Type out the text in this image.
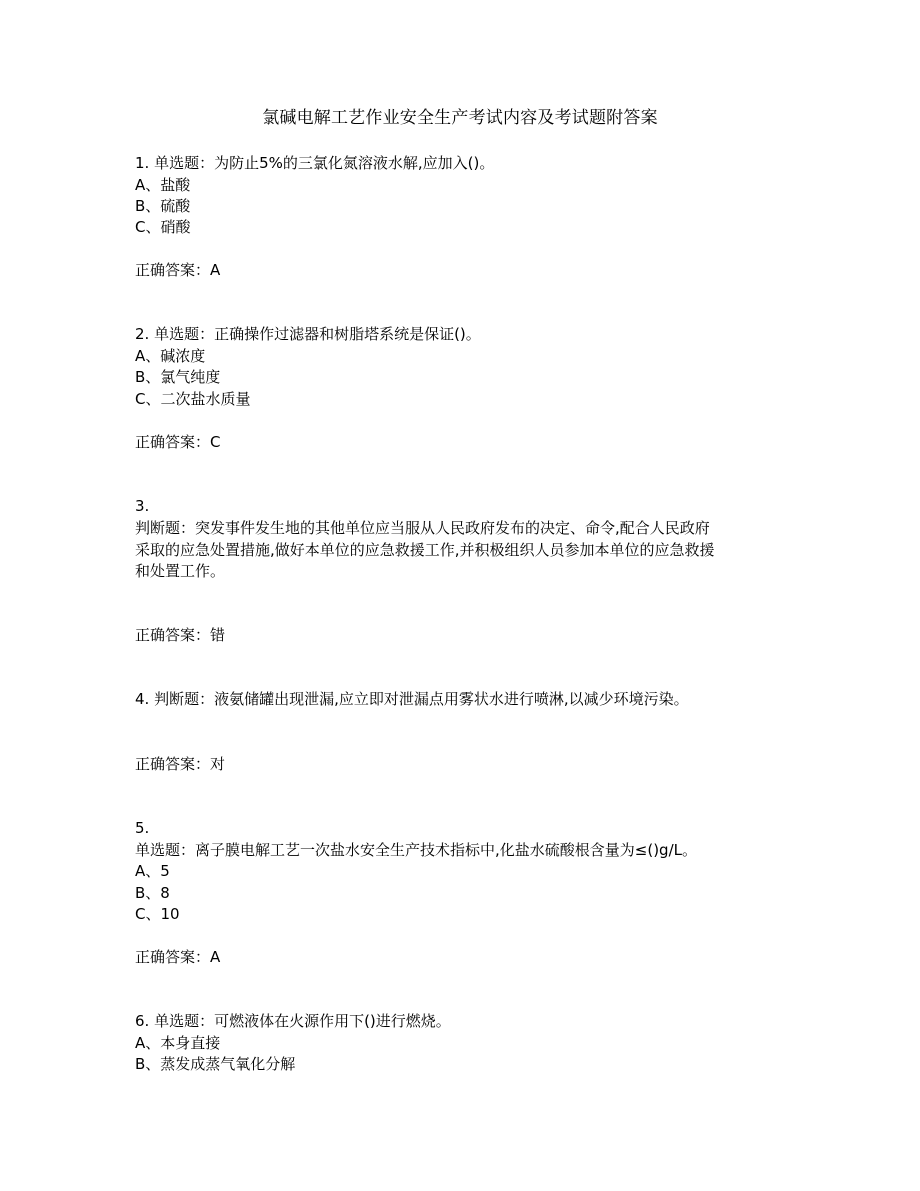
氯碱电解工艺作业安全生产考试内容及考试题附答案
1. 单选题：为防止5%的三氯化氮溶液水解,应加入()。
A、盐酸
B、硫酸
C、硝酸
正确答案：A
2. 单选题：正确操作过滤器和树脂塔系统是保证()。
A、碱浓度
B、氯气纯度
C、二次盐水质量
正确答案：C
3.
判断题：突发事件发生地的其他单位应当服从人民政府发布的决定、命令,配合人民政府
采取的应急处置措施,做好本单位的应急救援工作,并积极组织人员参加本单位的应急救援
和处置工作。
正确答案：错
4. 判断题：液氨储罐出现泄漏,应立即对泄漏点用雾状水进行喷淋,以减少环境污染。
正确答案：对
5.
单选题：离子膜电解工艺一次盐水安全生产技术指标中,化盐水硫酸根含量为≤()g/L。
A、5
B、8
C、10
正确答案：A
6. 单选题：可燃液体在火源作用下()进行燃烧。
A、本身直接
B、蒸发成蒸气氧化分解
